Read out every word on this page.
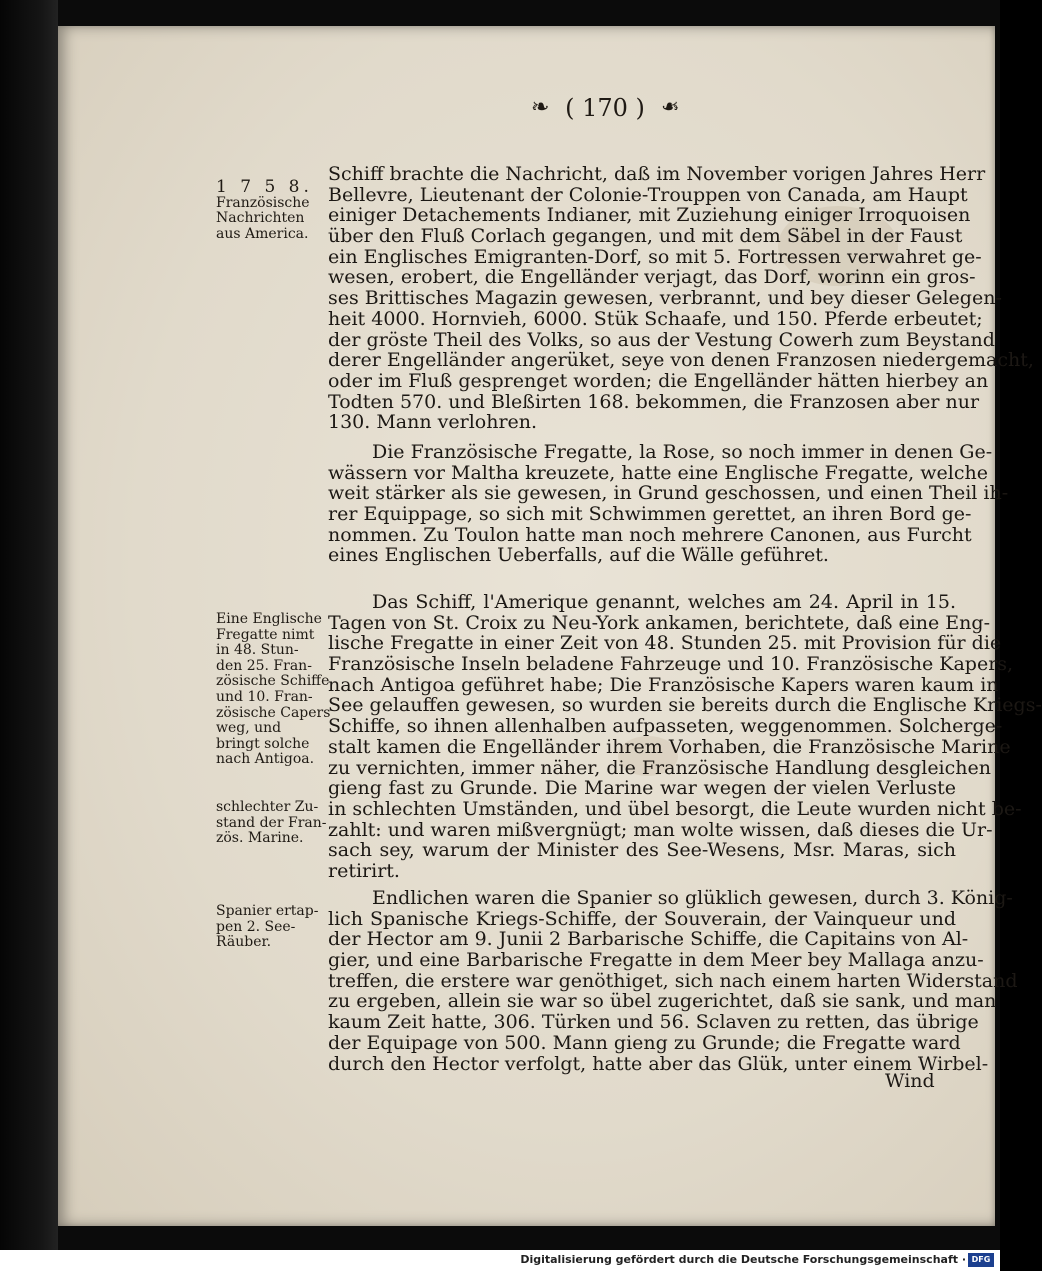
❧ ( 170 ) ❧
1 7 5 8.
Französische
Nachrichten
aus America.
Eine Englische
Fregatte nimt
in 48. Stun-
den 25. Fran-
zösische Schiffe
und 10. Fran-
zösische Capers
weg, und
bringt solche
nach Antigoa.
schlechter Zu-
stand der Fran-
zös. Marine.
Spanier ertap-
pen 2. See-
Räuber.
Schiff brachte die Nachricht, daß im November vorigen Jahres Herr
Bellevre, Lieutenant der Colonie-Trouppen von Canada, am Haupt
einiger Detachements Indianer, mit Zuziehung einiger Irroquoisen
über den Fluß Corlach gegangen, und mit dem Säbel in der Faust
ein Englisches Emigranten-Dorf, so mit 5. Fortressen verwahret ge-
wesen, erobert, die Engelländer verjagt, das Dorf, worinn ein gros-
ses Brittisches Magazin gewesen, verbrannt, und bey dieser Gelegen-
heit 4000. Hornvieh, 6000. Stük Schaafe, und 150. Pferde erbeutet;
der gröste Theil des Volks, so aus der Vestung Cowerh zum Beystand
derer Engelländer angerüket, seye von denen Franzosen niedergemacht,
oder im Fluß gesprenget worden; die Engelländer hätten hierbey an
Todten 570. und Bleßirten 168. bekommen, die Franzosen aber nur
130. Mann verlohren.
Die Französische Fregatte, la Rose, so noch immer in denen Ge-
wässern vor Maltha kreuzete, hatte eine Englische Fregatte, welche
weit stärker als sie gewesen, in Grund geschossen, und einen Theil ih-
rer Equippage, so sich mit Schwimmen gerettet, an ihren Bord ge-
nommen. Zu Toulon hatte man noch mehrere Canonen, aus Furcht
eines Englischen Ueberfalls, auf die Wälle geführet.
Das Schiff, l'Amerique genannt, welches am 24. April in 15.
Tagen von St. Croix zu Neu-York ankamen, berichtete, daß eine Eng-
lische Fregatte in einer Zeit von 48. Stunden 25. mit Provision für die
Französische Inseln beladene Fahrzeuge und 10. Französische Kapers,
nach Antigoa geführet habe; Die Französische Kapers waren kaum in
See gelauffen gewesen, so wurden sie bereits durch die Englische Kriegs-
Schiffe, so ihnen allenhalben aufpasseten, weggenommen. Solcherge-
stalt kamen die Engelländer ihrem Vorhaben, die Französische Marine
zu vernichten, immer näher, die Französische Handlung desgleichen
gieng fast zu Grunde. Die Marine war wegen der vielen Verluste
in schlechten Umständen, und übel besorgt, die Leute wurden nicht be-
zahlt: und waren mißvergnügt; man wolte wissen, daß dieses die Ur-
sach sey, warum der Minister des See-Wesens, Msr. Maras, sich
retirirt.
Endlichen waren die Spanier so glüklich gewesen, durch 3. König-
lich Spanische Kriegs-Schiffe, der Souverain, der Vainqueur und
der Hector am 9. Junii 2 Barbarische Schiffe, die Capitains von Al-
gier, und eine Barbarische Fregatte in dem Meer bey Mallaga anzu-
treffen, die erstere war genöthiget, sich nach einem harten Widerstand
zu ergeben, allein sie war so übel zugerichtet, daß sie sank, und man
kaum Zeit hatte, 306. Türken und 56. Sclaven zu retten, das übrige
der Equipage von 500. Mann gieng zu Grunde; die Fregatte ward
durch den Hector verfolgt, hatte aber das Glük, unter einem Wirbel-
Wind
Digitalisierung gefördert durch die Deutsche Forschungsgemeinschaft · DFG
